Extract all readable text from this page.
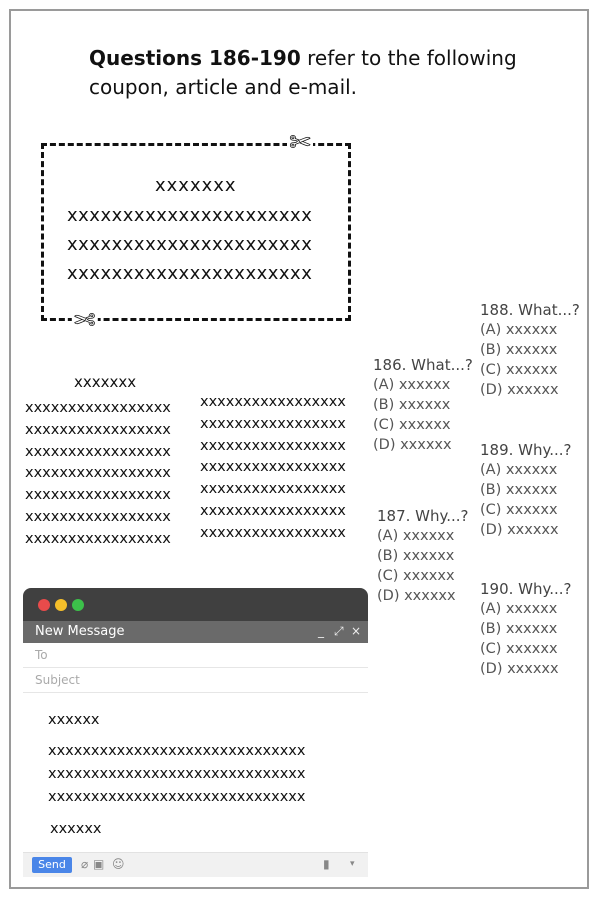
Questions 186-190 refer to the following coupon, article and e-mail.
✄
✄
xxxxxxx
xxxxxxxxxxxxxxxxxxxxxx
xxxxxxxxxxxxxxxxxxxxxx
xxxxxxxxxxxxxxxxxxxxxx
xxxxxxx
xxxxxxxxxxxxxxxxx
xxxxxxxxxxxxxxxxx
xxxxxxxxxxxxxxxxx
xxxxxxxxxxxxxxxxx
xxxxxxxxxxxxxxxxx
xxxxxxxxxxxxxxxxx
xxxxxxxxxxxxxxxxx
xxxxxxxxxxxxxxxxx
xxxxxxxxxxxxxxxxx
xxxxxxxxxxxxxxxxx
xxxxxxxxxxxxxxxxx
xxxxxxxxxxxxxxxxx
xxxxxxxxxxxxxxxxx
xxxxxxxxxxxxxxxxx
186. What...?
(A) xxxxxx
(B) xxxxxx
(C) xxxxxx
(D) xxxxxx
187. Why...?
(A) xxxxxx
(B) xxxxxx
(C) xxxxxx
(D) xxxxxx
188. What...?
(A) xxxxxx
(B) xxxxxx
(C) xxxxxx
(D) xxxxxx
189. Why...?
(A) xxxxxx
(B) xxxxxx
(C) xxxxxx
(D) xxxxxx
190. Why...?
(A) xxxxxx
(B) xxxxxx
(C) xxxxxx
(D) xxxxxx
New Message	_ ⤢ ×
To
Subject
xxxxxx
xxxxxxxxxxxxxxxxxxxxxxxxxxxxxx
xxxxxxxxxxxxxxxxxxxxxxxxxxxxxx
xxxxxxxxxxxxxxxxxxxxxxxxxxxxxx
xxxxxx
Send	⌀ ▣ ☺	▮ ▾
